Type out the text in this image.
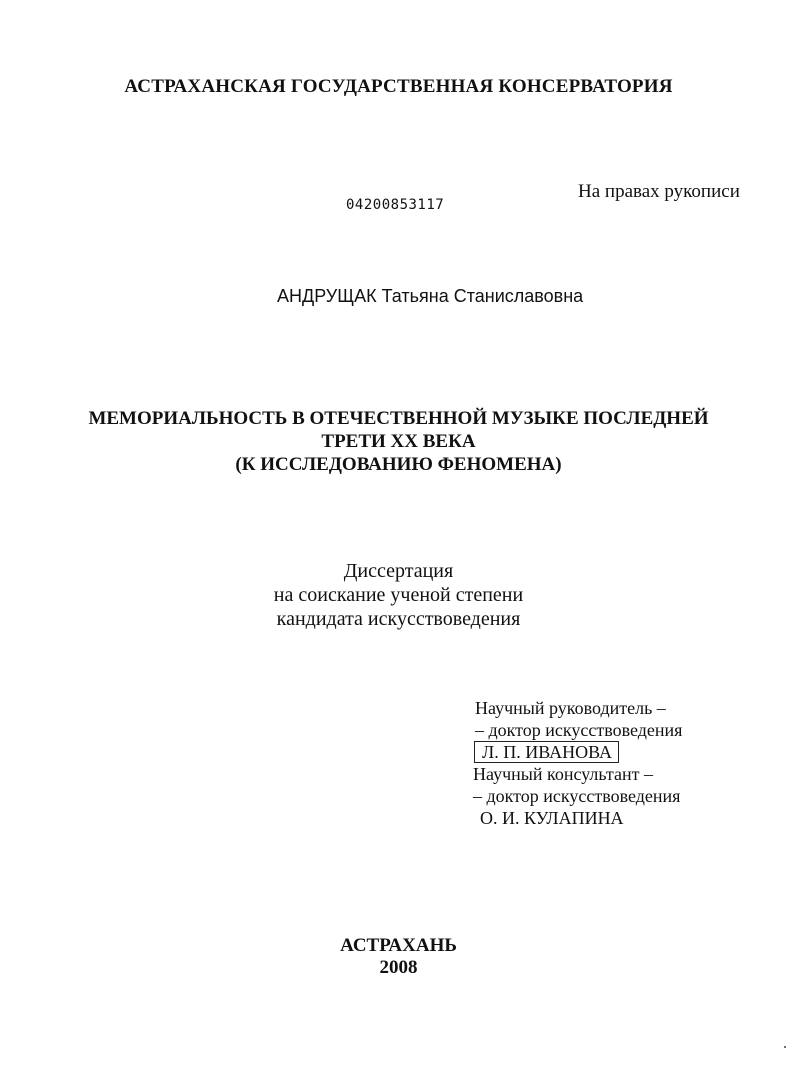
АСТРАХАНСКАЯ ГОСУДАРСТВЕННАЯ КОНСЕРВАТОРИЯ
На правах рукописи
04200853117
АНДРУЩАК Татьяна Станиславовна
МЕМОРИАЛЬНОСТЬ В ОТЕЧЕСТВЕННОЙ МУЗЫКЕ ПОСЛЕДНЕЙ
ТРЕТИ XX ВЕКА
(К ИССЛЕДОВАНИЮ ФЕНОМЕНА)
Диссертация
на соискание ученой степени
кандидата искусствоведения
Научный руководитель –
– доктор искусствоведения
Л. П. ИВАНОВА
Научный консультант –
– доктор искусствоведения
О. И. КУЛАПИНА
АСТРАХАНЬ
2008
